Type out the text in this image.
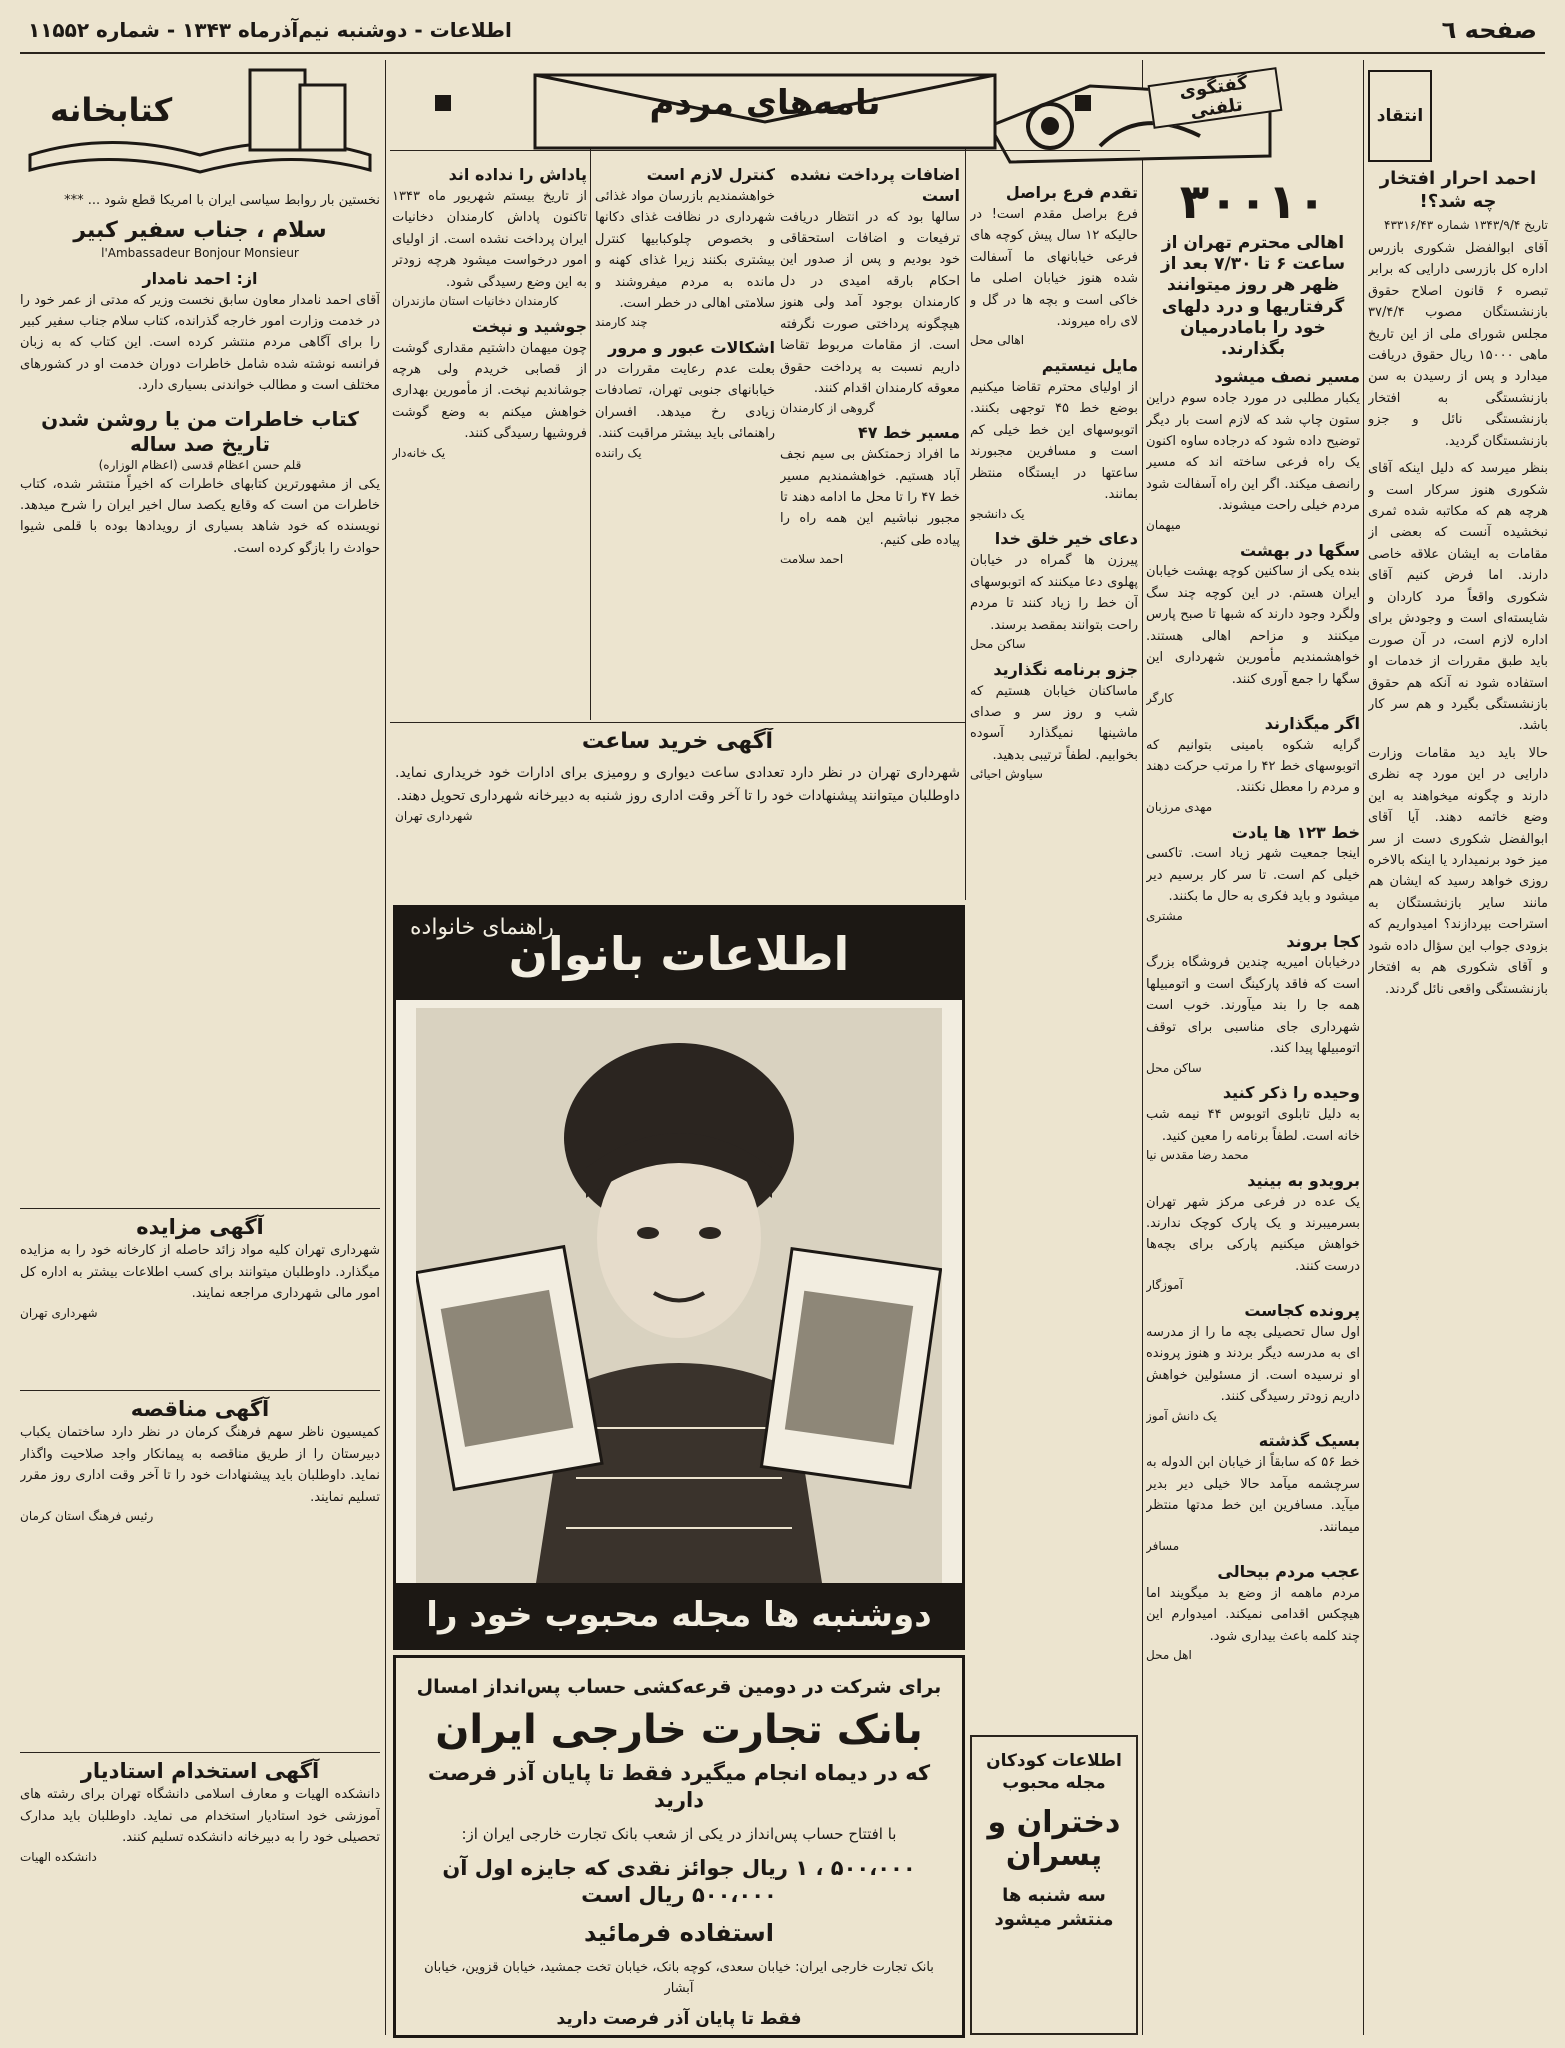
صفحه ٦
اطلاعات - دوشنبه نیم‌آذرماه ۱۳۴۳ - شماره ۱۱۵۵۲
انتقاد
احمد احرار افتخار چه شد؟!
تاریخ ۱۳۴۳/۹/۴ شماره ۴۳۳۱۶/۴۳

آقای ابوالفضل شکوری بازرس اداره کل بازرسی دارایی که برابر تبصره ۶ قانون اصلاح حقوق بازنشستگان مصوب ۳۷/۴/۴ مجلس شورای ملی از این تاریخ ماهی ۱۵۰۰۰ ریال حقوق دریافت میدارد و پس از رسیدن به سن بازنشستگی به افتخار بازنشستگی نائل و جزو بازنشستگان گردید.

بنظر میرسد که دلیل اینکه آقای شکوری هنوز سرکار است و هرچه هم که مکاتبه شده ثمری نبخشیده آنست که بعضی از مقامات به ایشان علاقه خاصی دارند. اما فرض کنیم آقای شکوری واقعاً مرد کاردان و شایسته‌ای است و وجودش برای اداره لازم است، در آن صورت باید طبق مقررات از خدمات او استفاده شود نه آنکه هم حقوق بازنشستگی بگیرد و هم سر کار باشد.

حالا باید دید مقامات وزارت دارایی در این مورد چه نظری دارند و چگونه میخواهند به این وضع خاتمه دهند. آیا آقای ابوالفضل شکوری دست از سر میز خود برنمیدارد یا اینکه بالاخره روزی خواهد رسید که ایشان هم مانند سایر بازنشستگان به استراحت بپردازند؟ امیدواریم که بزودی جواب این سؤال داده شود و آقای شکوری هم به افتخار بازنشستگی واقعی نائل گردند.

گفتگوی تلفنی
۳۰۰۱۰
اهالی محترم تهران از ساعت ۶ تا ۷/۳۰ بعد از ظهر هر روز میتوانند گرفتاریها و درد دلهای خود را بامادرمیان بگذارند.
مسیر نصف میشود

یکبار مطلبی در مورد جاده سوم دراین ستون چاپ شد که لازم است بار دیگر توضیح داده شود که درجاده ساوه اکنون یک راه فرعی ساخته اند که مسیر رانصف میکند. اگر این راه آسفالت شود مردم خیلی راحت میشوند.

میهمان
سگها در بهشت

بنده یکی از ساکنین کوچه بهشت خیابان ایران هستم. در این کوچه چند سگ ولگرد وجود دارند که شبها تا صبح پارس میکنند و مزاحم اهالی هستند. خواهشمندیم مأمورین شهرداری این سگها را جمع آوری کنند.

کارگر
اگر میگذارند

گرایه شکوه بامینی بتوانیم که اتوبوسهای خط ۴۲ را مرتب حرکت دهند و مردم را معطل نکنند.

مهدی مرزبان
خط ۱۲۳ ها یادت

اینجا جمعیت شهر زیاد است. تاکسی خیلی کم است. تا سر کار برسیم دیر میشود و باید فکری به حال ما بکنند.

مشتری
کجا بروند

درخیابان امیریه چندین فروشگاه بزرگ است که فاقد پارکینگ است و اتومبیلها همه جا را بند میآورند. خوب است شهرداری جای مناسبی برای توقف اتومبیلها پیدا کند.

ساکن محل
وحیده را ذکر کنید

به دلیل تابلوی اتوبوس ۴۴ نیمه شب خانه است. لطفاً برنامه را معین کنید.

محمد رضا مقدس نیا
برویدو به بینید

یک عده در فرعی مرکز شهر تهران بسرمیبرند و یک پارک کوچک ندارند. خواهش میکنیم پارکی برای بچه‌ها درست کنند.

آموزگار
پرونده کجاست

اول سال تحصیلی بچه ما را از مدرسه ای به مدرسه دیگر بردند و هنوز پرونده او نرسیده است. از مسئولین خواهش داریم زودتر رسیدگی کنند.

یک دانش آموز
بسیک گذشته

خط ۵۶ که سابقاً از خیابان ابن الدوله به سرچشمه میآمد حالا خیلی دیر بدیر میآید. مسافرین این خط مدتها منتظر میمانند.

مسافر
عجب مردم بیحالی

مردم ماهمه از وضع بد میگویند اما هیچکس اقدامی نمیکند. امیدوارم این چند کلمه باعث بیداری شود.

اهل محل
تقدم فرع براصل

فرع براصل مقدم است! در حالیکه ۱۲ سال پیش کوچه های فرعی خیابانهای ما آسفالت شده هنوز خیابان اصلی ما خاکی است و بچه ها در گل و لای راه میروند.

اهالی محل
مایل نیستیم

از اولیای محترم تقاضا میکنیم بوضع خط ۴۵ توجهی بکنند. اتوبوسهای این خط خیلی کم است و مسافرین مجبورند ساعتها در ایستگاه منتظر بمانند.

یک دانشجو
دعای خیر خلق خدا

پیرزن ها گمراه در خیابان پهلوی دعا میکنند که اتوبوسهای آن خط را زیاد کنند تا مردم راحت بتوانند بمقصد برسند.

ساکن محل
جزو برنامه نگذارید

ماساکنان خیابان هستیم که شب و روز سر و صدای ماشینها نمیگذارد آسوده بخوابیم. لطفاً ترتیبی بدهید.

سیاوش احیائی
اطلاعات کودکان مجله محبوب
دختران و پسران
سه شنبه ها منتشر میشود
نامه‌های مردم
اضافات پرداخت نشده است

سالها بود که در انتظار دریافت ترفیعات و اضافات استحقاقی خود بودیم و پس از صدور این احکام بارقه امیدی در دل کارمندان بوجود آمد ولی هنوز هیچگونه پرداختی صورت نگرفته است. از مقامات مربوط تقاضا داریم نسبت به پرداخت حقوق معوقه کارمندان اقدام کنند.

گروهی از کارمندان
مسیر خط ۴۷

ما افراد زحمتکش بی سیم نجف آباد هستیم. خواهشمندیم مسیر خط ۴۷ را تا محل ما ادامه دهند تا مجبور نباشیم این همه راه را پیاده طی کنیم.

احمد سلامت
کنترل لازم است

خواهشمندیم بازرسان مواد غذائی شهرداری در نظافت غذای دکانها و بخصوص چلوکبابیها کنترل بیشتری بکنند زیرا غذای کهنه و مانده به مردم میفروشند و سلامتی اهالی در خطر است.

چند کارمند
اشکالات عبور و مرور

بعلت عدم رعایت مقررات در خیابانهای جنوبی تهران، تصادفات زیادی رخ میدهد. افسران راهنمائی باید بیشتر مراقبت کنند.

یک راننده
پاداش را نداده اند

از تاریخ بیستم شهریور ماه ۱۳۴۳ تاکنون پاداش کارمندان دخانیات ایران پرداخت نشده است. از اولیای امور درخواست میشود هرچه زودتر به این وضع رسیدگی شود.

کارمندان دخانیات استان مازندران
جوشید و نپخت

چون میهمان داشتیم مقداری گوشت از قصابی خریدم ولی هرچه جوشاندیم نپخت. از مأمورین بهداری خواهش میکنم به وضع گوشت فروشیها رسیدگی کنند.

یک خانه‌دار
آگهی خرید ساعت

شهرداری تهران در نظر دارد تعدادی ساعت دیواری و رومیزی برای ادارات خود خریداری نماید. داوطلبان میتوانند پیشنهادات خود را تا آخر وقت اداری روز شنبه به دبیرخانه شهرداری تحویل دهند.

شهرداری تهران
اطلاعات بانوان
راهنمای خانواده
دوشنبه ها مجله محبوب خود را
برای شرکت در دومین قرعه‌کشی حساب پس‌انداز امسال
بانک تجارت خارجی ایران
که در دیماه انجام میگیرد فقط تا پایان آذر فرصت دارید
با افتتاح حساب پس‌انداز در یکی از شعب بانک تجارت خارجی ایران از:
۵۰۰،۰۰۰ ، ۱ ریال جوائز نقدی که جایزه اول آن ۵۰۰،۰۰۰ ریال است
استفاده فرمائید
بانک تجارت خارجی ایران: خیابان سعدی، کوچه بانک، خیابان تخت جمشید، خیابان قزوین، خیابان آبشار
فقط تا پایان آذر فرصت دارید
کتابخانه
نخستین بار روابط سیاسی ایران با امریکا قطع شود ... ***
سلام ، جناب سفیر کبیر
l'Ambassadeur Bonjour Monsieur
از: احمد نامدار

آقای احمد نامدار معاون سابق نخست وزیر که مدتی از عمر خود را در خدمت وزارت امور خارجه گذرانده، کتاب سلام جناب سفیر کبیر را برای آگاهی مردم منتشر کرده است. این کتاب که به زبان فرانسه نوشته شده شامل خاطرات دوران خدمت او در کشورهای مختلف است و مطالب خواندنی بسیاری دارد.

کتاب خاطرات من یا روشن شدن تاریخ صد ساله
قلم حسن اعظام قدسی (اعظام الوزاره)

یکی از مشهورترین کتابهای خاطرات که اخیراً منتشر شده، کتاب خاطرات من است که وقایع یکصد سال اخیر ایران را شرح میدهد. نویسنده که خود شاهد بسیاری از رویدادها بوده با قلمی شیوا حوادث را بازگو کرده است.

آگهی مزایده

شهرداری تهران کلیه مواد زائد حاصله از کارخانه خود را به مزایده میگذارد. داوطلبان میتوانند برای کسب اطلاعات بیشتر به اداره کل امور مالی شهرداری مراجعه نمایند.

شهرداری تهران
آگهی مناقصه

کمیسیون ناظر سهم فرهنگ کرمان در نظر دارد ساختمان یکباب دبیرستان را از طریق مناقصه به پیمانکار واجد صلاحیت واگذار نماید. داوطلبان باید پیشنهادات خود را تا آخر وقت اداری روز مقرر تسلیم نمایند.

رئیس فرهنگ استان کرمان
آگهی استخدام استادیار

دانشکده الهیات و معارف اسلامی دانشگاه تهران برای رشته های آموزشی خود استادیار استخدام می نماید. داوطلبان باید مدارک تحصیلی خود را به دبیرخانه دانشکده تسلیم کنند.

دانشکده الهیات
